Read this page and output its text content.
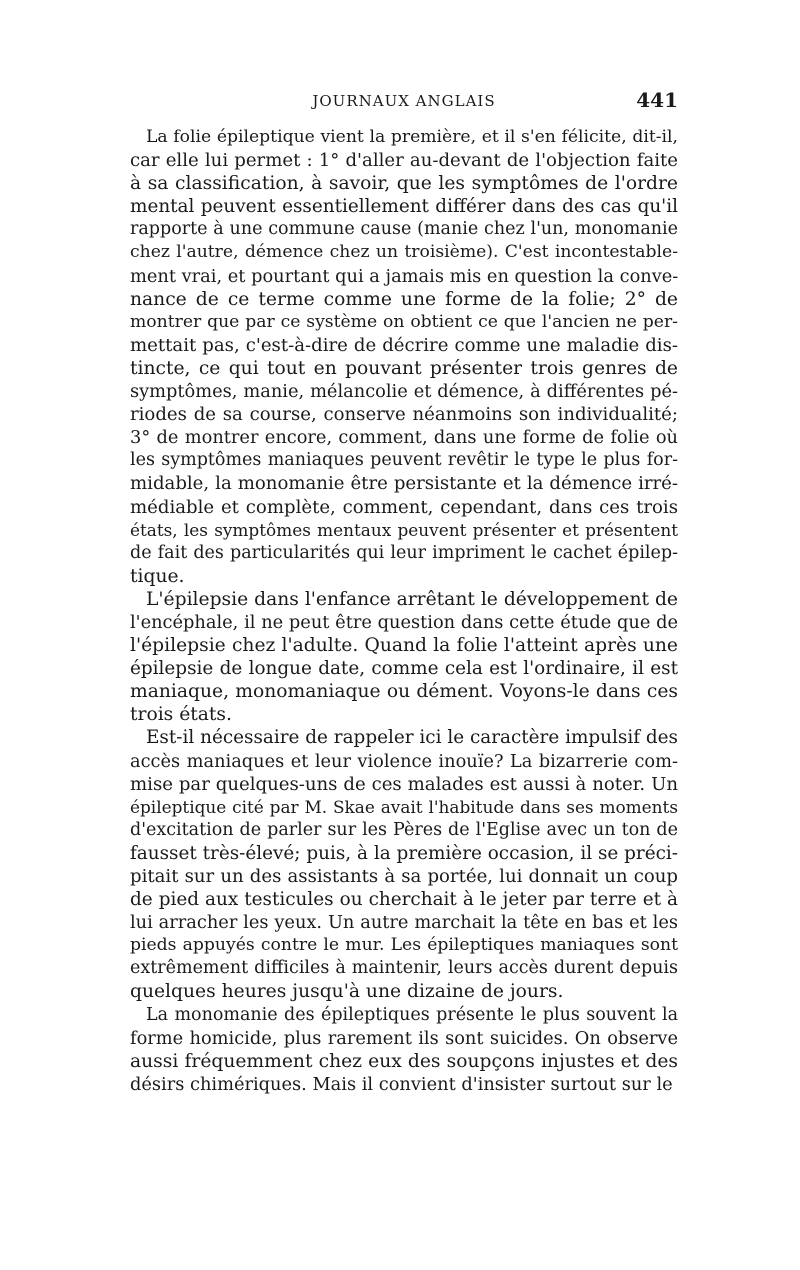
JOURNAUX ANGLAIS	441
La folie épileptique vient la première, et il s'en félicite, dit-il,
car elle lui permet : 1° d'aller au-devant de l'objection faite
à sa classification, à savoir, que les symptômes de l'ordre
mental peuvent essentiellement différer dans des cas qu'il
rapporte à une commune cause (manie chez l'un, monomanie
chez l'autre, démence chez un troisième). C'est incontestable-
ment vrai, et pourtant qui a jamais mis en question la conve-
nance de ce terme comme une forme de la folie; 2° de
montrer que par ce système on obtient ce que l'ancien ne per-
mettait pas, c'est-à-dire de décrire comme une maladie dis-
tincte, ce qui tout en pouvant présenter trois genres de
symptômes, manie, mélancolie et démence, à différentes pé-
riodes de sa course, conserve néanmoins son individualité;
3° de montrer encore, comment, dans une forme de folie où
les symptômes maniaques peuvent revêtir le type le plus for-
midable, la monomanie être persistante et la démence irré-
médiable et complète, comment, cependant, dans ces trois
états, les symptômes mentaux peuvent présenter et présentent
de fait des particularités qui leur impriment le cachet épilep-
tique.
L'épilepsie dans l'enfance arrêtant le développement de
l'encéphale, il ne peut être question dans cette étude que de
l'épilepsie chez l'adulte. Quand la folie l'atteint après une
épilepsie de longue date, comme cela est l'ordinaire, il est
maniaque, monomaniaque ou dément. Voyons-le dans ces
trois états.
Est-il nécessaire de rappeler ici le caractère impulsif des
accès maniaques et leur violence inouïe? La bizarrerie com-
mise par quelques-uns de ces malades est aussi à noter. Un
épileptique cité par M. Skae avait l'habitude dans ses moments
d'excitation de parler sur les Pères de l'Eglise avec un ton de
fausset très-élevé; puis, à la première occasion, il se préci-
pitait sur un des assistants à sa portée, lui donnait un coup
de pied aux testicules ou cherchait à le jeter par terre et à
lui arracher les yeux. Un autre marchait la tête en bas et les
pieds appuyés contre le mur. Les épileptiques maniaques sont
extrêmement difficiles à maintenir, leurs accès durent depuis
quelques heures jusqu'à une dizaine de jours.
La monomanie des épileptiques présente le plus souvent la
forme homicide, plus rarement ils sont suicides. On observe
aussi fréquemment chez eux des soupçons injustes et des
désirs chimériques. Mais il convient d'insister surtout sur le
